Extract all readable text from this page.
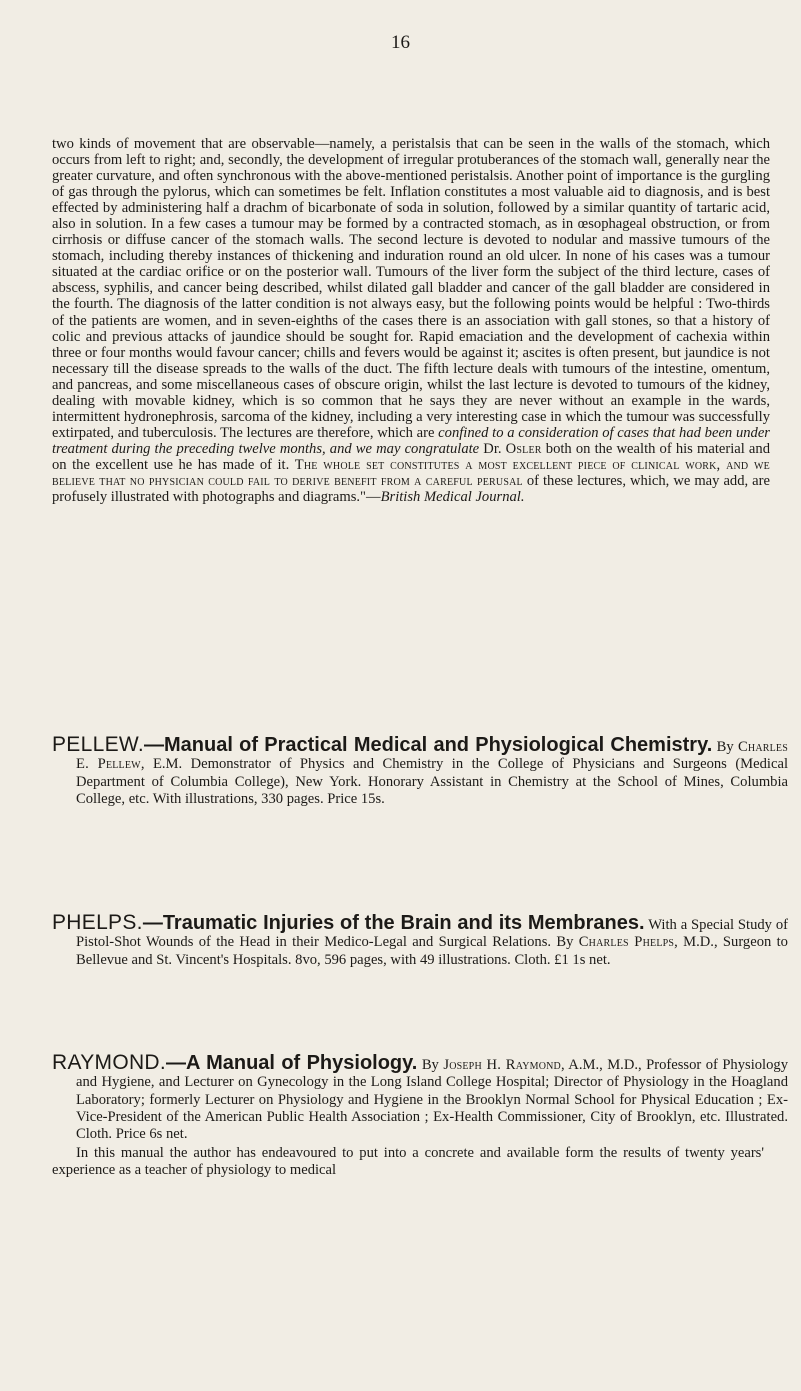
16

two kinds of movement that are observable—namely, a peristalsis that can be seen in the walls of the stomach, which occurs from left to right; and, secondly, the development of irregular protuberances of the stomach wall, generally near the greater curvature, and often synchronous with the above-mentioned peristalsis. Another point of importance is the gurgling of gas through the pylorus, which can sometimes be felt. Inflation constitutes a most valuable aid to diagnosis, and is best effected by administering half a drachm of bicarbonate of soda in solution, followed by a similar quantity of tartaric acid, also in solution. In a few cases a tumour may be formed by a contracted stomach, as in œsophageal obstruction, or from cirrhosis or diffuse cancer of the stomach walls. The second lecture is devoted to nodular and massive tumours of the stomach, including thereby instances of thickening and induration round an old ulcer. In none of his cases was a tumour situated at the cardiac orifice or on the posterior wall. Tumours of the liver form the subject of the third lecture, cases of abscess, syphilis, and cancer being described, whilst dilated gall bladder and cancer of the gall bladder are considered in the fourth. The diagnosis of the latter condition is not always easy, but the following points would be helpful : Two-thirds of the patients are women, and in seven-eighths of the cases there is an association with gall stones, so that a history of colic and previous attacks of jaundice should be sought for. Rapid emaciation and the development of cachexia within three or four months would favour cancer; chills and fevers would be against it; ascites is often present, but jaundice is not necessary till the disease spreads to the walls of the duct. The fifth lecture deals with tumours of the intestine, omentum, and pancreas, and some miscellaneous cases of obscure origin, whilst the last lecture is devoted to tumours of the kidney, dealing with movable kidney, which is so common that he says they are never without an example in the wards, intermittent hydronephrosis, sarcoma of the kidney, including a very interesting case in which the tumour was successfully extirpated, and tuberculosis. The lectures are therefore, which are confined to a consideration of cases that had been under treatment during the preceding twelve months, and we may congratulate Dr. Osler both on the wealth of his material and on the excellent use he has made of it. The whole set constitutes a most excellent piece of clinical work, and we believe that no physician could fail to derive benefit from a careful perusal of these lectures, which, we may add, are profusely illustrated with photographs and diagrams."—British Medical Journal.

PELLEW.—Manual of Practical Medical and Physiological Chemistry. By Charles E. Pellew, E.M. Demonstrator of Physics and Chemistry in the College of Physicians and Surgeons (Medical Department of Columbia College), New York. Honorary Assistant in Chemistry at the School of Mines, Columbia College, etc. With illustrations, 330 pages. Price 15s.

PHELPS.—Traumatic Injuries of the Brain and its Membranes. With a Special Study of Pistol-Shot Wounds of the Head in their Medico-Legal and Surgical Relations. By Charles Phelps, M.D., Surgeon to Bellevue and St. Vincent's Hospitals. 8vo, 596 pages, with 49 illustrations. Cloth. £1 1s net.

RAYMOND.—A Manual of Physiology. By Joseph H. Raymond, A.M., M.D., Professor of Physiology and Hygiene, and Lecturer on Gynecology in the Long Island College Hospital; Director of Physiology in the Hoagland Laboratory; formerly Lecturer on Physiology and Hygiene in the Brooklyn Normal School for Physical Education ; Ex-Vice-President of the American Public Health Association ; Ex-Health Commissioner, City of Brooklyn, etc. Illustrated. Cloth. Price 6s net.

In this manual the author has endeavoured to put into a concrete and available form the results of twenty years' experience as a teacher of physiology to medical
